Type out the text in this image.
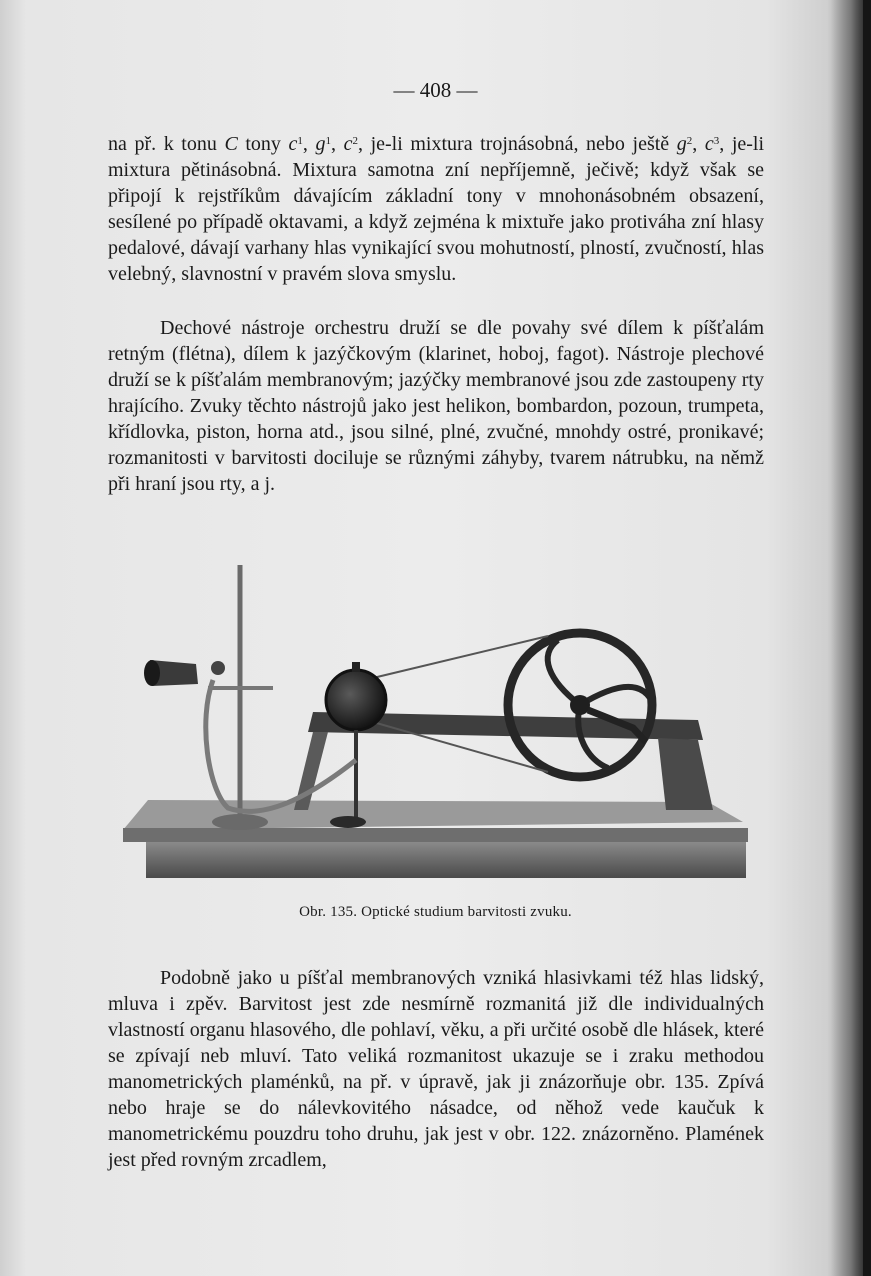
— 408 —

na př. k tonu C tony $c^1$, $g^1$, $c^2$, je-li mixtura trojnásobná, nebo ještě $g^2$, $c^3$, je-li mixtura pětinásobná. Mixtura samotna zní nepříjemně, ječivě; když však se připojí k rejstříkům dávajícím základní tony v mnohonásobném obsazení, sesílené po případě oktavami, a když zejména k mixtuře jako protiváha zní hlasy pedalové, dávají varhany hlas vynikající svou mohutností, plností, zvučností, hlas velebný, slavnostní v pravém slova smyslu.

Dechové nástroje orchestru druží se dle povahy své dílem k píšťalám retným (flétna), dílem k jazýčkovým (klarinet, hoboj, fagot). Nástroje plechové druží se k píšťalám membranovým; jazýčky membranové jsou zde zastoupeny rty hrajícího. Zvuky těchto nástrojů jako jest helikon, bombardon, pozoun, trumpeta, křídlovka, piston, horna atd., jsou silné, plné, zvučné, mnohdy ostré, pronikavé; rozmanitosti v barvitosti dociluje se různými záhyby, tvarem nátrubku, na němž při hraní jsou rty, a j.

Obr. 135. Optické studium barvitosti zvuku.

Podobně jako u píšťal membranových vzniká hlasivkami též hlas lidský, mluva i zpěv. Barvitost jest zde nesmírně rozmanitá již dle individualných vlastností organu hlasového, dle pohlaví, věku, a při určité osobě dle hlásek, které se zpívají neb mluví. Tato veliká rozmanitost ukazuje se i zraku methodou manometrických plaménků, na př. v úpravě, jak ji znázorňuje obr. 135. Zpívá nebo hraje se do nálevkovitého násadce, od něhož vede kaučuk k manometrickému pouzdru toho druhu, jak jest v obr. 122. znázorněno. Plamének jest před rovným zrcadlem,
